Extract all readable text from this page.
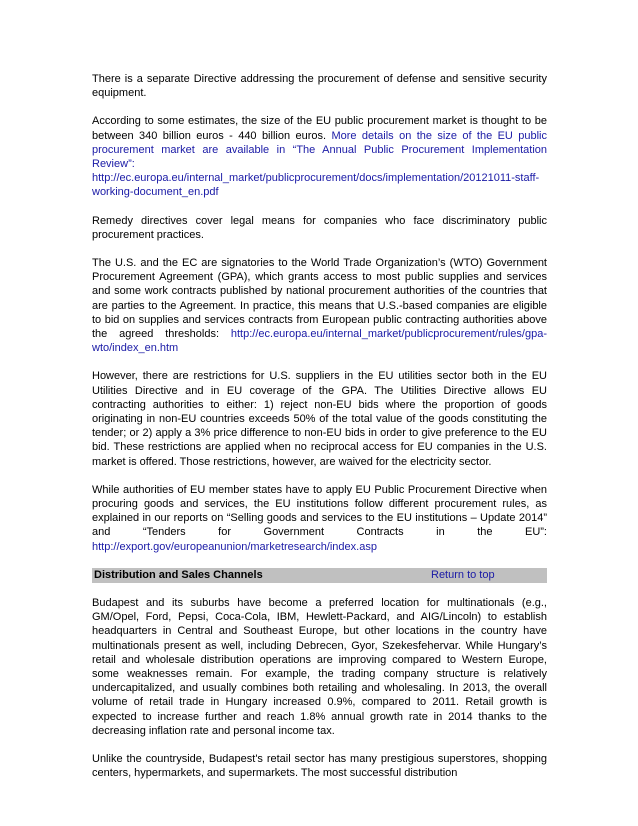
There is a separate Directive addressing the procurement of defense and sensitive security equipment.

According to some estimates, the size of the EU public procurement market is thought to be between 340 billion euros - 440 billion euros. More details on the size of the EU public procurement market are available in “The Annual Public Procurement Implementation Review”: http://ec.europa.eu/internal_market/publicprocurement/docs/implementation/20121011-staff-working-document_en.pdf

Remedy directives cover legal means for companies who face discriminatory public procurement practices.

The U.S. and the EC are signatories to the World Trade Organization’s (WTO) Government Procurement Agreement (GPA), which grants access to most public supplies and services and some work contracts published by national procurement authorities of the countries that are parties to the Agreement. In practice, this means that U.S.-based companies are eligible to bid on supplies and services contracts from European public contracting authorities above the agreed thresholds: http://ec.europa.eu/internal_market/publicprocurement/rules/gpa-wto/index_en.htm

However, there are restrictions for U.S. suppliers in the EU utilities sector both in the EU Utilities Directive and in EU coverage of the GPA. The Utilities Directive allows EU contracting authorities to either: 1) reject non-EU bids where the proportion of goods originating in non-EU countries exceeds 50% of the total value of the goods constituting the tender; or 2) apply a 3% price difference to non-EU bids in order to give preference to the EU bid. These restrictions are applied when no reciprocal access for EU companies in the U.S. market is offered. Those restrictions, however, are waived for the electricity sector.

While authorities of EU member states have to apply EU Public Procurement Directive when procuring goods and services, the EU institutions follow different procurement rules, as explained in our reports on “Selling goods and services to the EU institutions – Update 2014” and “Tenders for Government Contracts in the EU”: http://export.gov/europeanunion/marketresearch/index.asp

Distribution and Sales Channels	Return to top

Budapest and its suburbs have become a preferred location for multinationals (e.g., GM/Opel, Ford, Pepsi, Coca-Cola, IBM, Hewlett-Packard, and AIG/Lincoln) to establish headquarters in Central and Southeast Europe, but other locations in the country have multinationals present as well, including Debrecen, Gyor, Szekesfehervar. While Hungary’s retail and wholesale distribution operations are improving compared to Western Europe, some weaknesses remain. For example, the trading company structure is relatively undercapitalized, and usually combines both retailing and wholesaling. In 2013, the overall volume of retail trade in Hungary increased 0.9%, compared to 2011. Retail growth is expected to increase further and reach 1.8% annual growth rate in 2014 thanks to the decreasing inflation rate and personal income tax.

Unlike the countryside, Budapest's retail sector has many prestigious superstores, shopping centers, hypermarkets, and supermarkets. The most successful distribution
